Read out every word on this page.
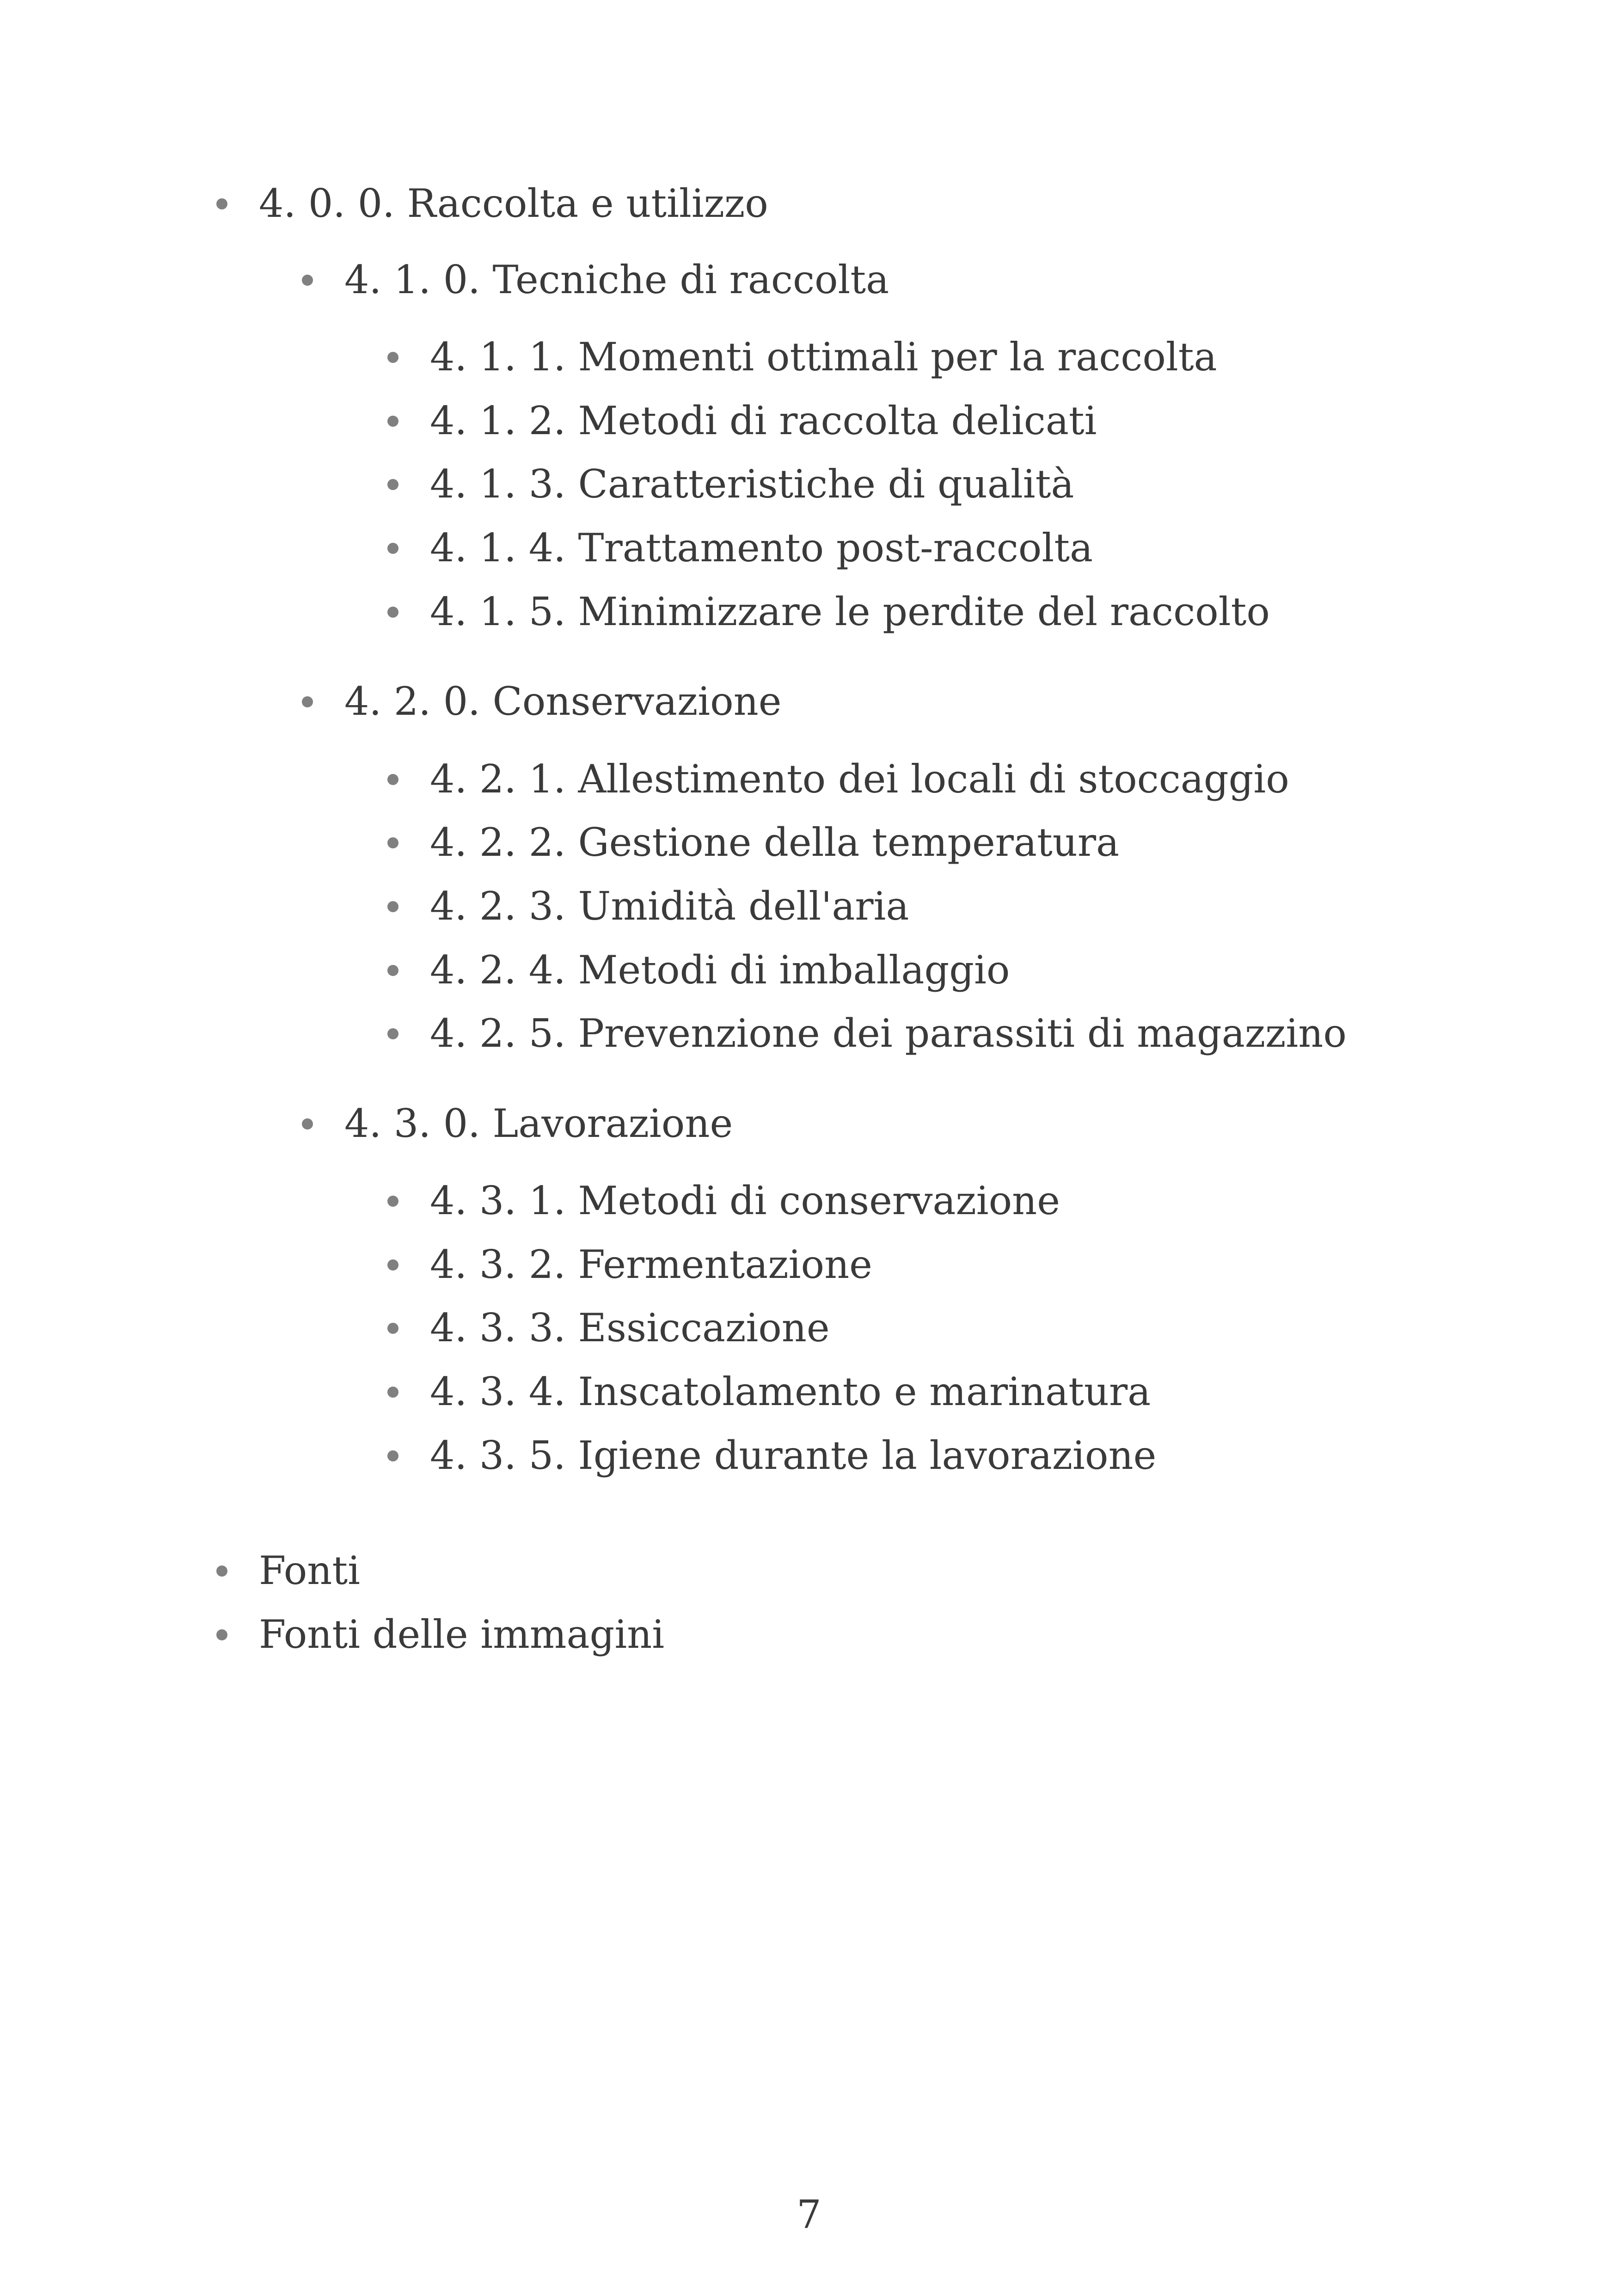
4. 0. 0. Raccolta e utilizzo
4. 1. 0. Tecniche di raccolta
4. 1. 1. Momenti ottimali per la raccolta
4. 1. 2. Metodi di raccolta delicati
4. 1. 3. Caratteristiche di qualità
4. 1. 4. Trattamento post-raccolta
4. 1. 5. Minimizzare le perdite del raccolto
4. 2. 0. Conservazione
4. 2. 1. Allestimento dei locali di stoccaggio
4. 2. 2. Gestione della temperatura
4. 2. 3. Umidità dell'aria
4. 2. 4. Metodi di imballaggio
4. 2. 5. Prevenzione dei parassiti di magazzino
4. 3. 0. Lavorazione
4. 3. 1. Metodi di conservazione
4. 3. 2. Fermentazione
4. 3. 3. Essiccazione
4. 3. 4. Inscatolamento e marinatura
4. 3. 5. Igiene durante la lavorazione
Fonti
Fonti delle immagini
7
